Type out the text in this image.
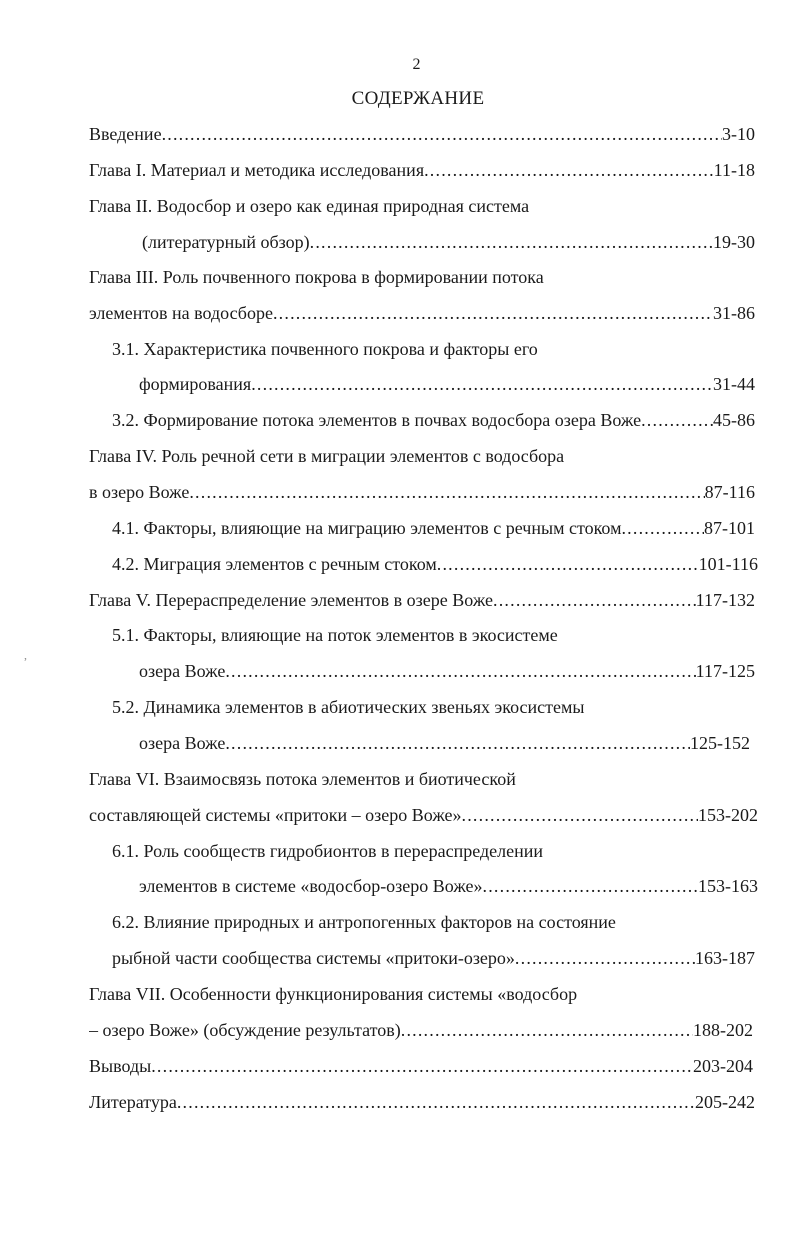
2
СОДЕРЖАНИЕ
Введение .....	3-10
Глава I. Материал и методика исследования .....	11-18
Глава II. Водосбор и озеро как единая природная система
(литературный обзор) .....	19-30
Глава III. Роль почвенного покрова в формировании потока
элементов на водосборе .....	31-86
3.1. Характеристика почвенного покрова и факторы его
формирования .....	31-44
3.2. Формирование потока элементов в почвах водосбора озера Воже .....	45-86
Глава IV. Роль речной сети в миграции элементов с водосбора
в озеро Воже .....	87-116
4.1. Факторы, влияющие на миграцию элементов с речным стоком .....	87-101
4.2. Миграция элементов с речным стоком .....	101-116
Глава V. Перераспределение элементов в озере Воже .....	117-132
5.1. Факторы, влияющие на поток элементов в экосистеме
озера Воже .....	117-125
5.2. Динамика элементов в абиотических звеньях экосистемы
озера Воже .....	125-152
Глава VI. Взаимосвязь потока элементов и биотической
составляющей системы «притоки – озеро Воже» .....	153-202
6.1. Роль сообществ гидробионтов в перераспределении
элементов в системе «водосбор-озеро Воже» .....	153-163
6.2. Влияние природных и антропогенных факторов на состояние
рыбной части сообщества системы «притоки-озеро» .....	163-187
Глава VII. Особенности функционирования системы «водосбор
– озеро Воже» (обсуждение результатов) .....	188-202
Выводы .....	203-204
Литература .....	205-242
,
